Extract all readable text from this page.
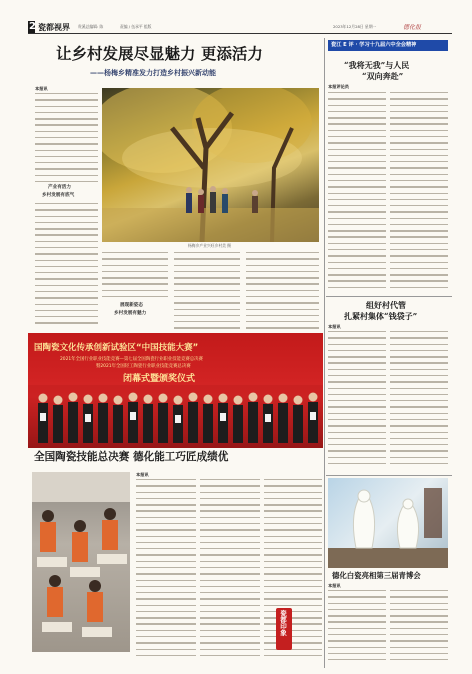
2 瓷都视界 贵溪总编辑: 陈	责编 / 伍承平 组版	2023年12月28日 星期一	德化报
让乡村发展尽显魅力 更添活力
——杨梅乡精准发力打造乡村振兴新动能
本报讯
产业有活力
乡村发展有底气
杨梅乡产业兴旺乡村美 摄
展现新姿态
乡村发展有魅力
瓷江 E 评 · 学习十九届六中全会精神
“我将无我”与人民
“双向奔赴”
本报评论员
组好村代管
扎紧村集体“钱袋子”
本报讯
国陶瓷文化传承创新试验区“中国技能大赛”
2021年全国行业职业技能竞赛—第七届全国陶瓷行业职业技能竞赛总决赛
暨2021年全国轻工陶瓷行业职业技能竞赛总决赛
闭幕式暨颁奖仪式
全国陶瓷技能总决赛 德化能工巧匠成绩优
本报讯
瓷都印象
德化白瓷亮相第三届青博会
本报讯
